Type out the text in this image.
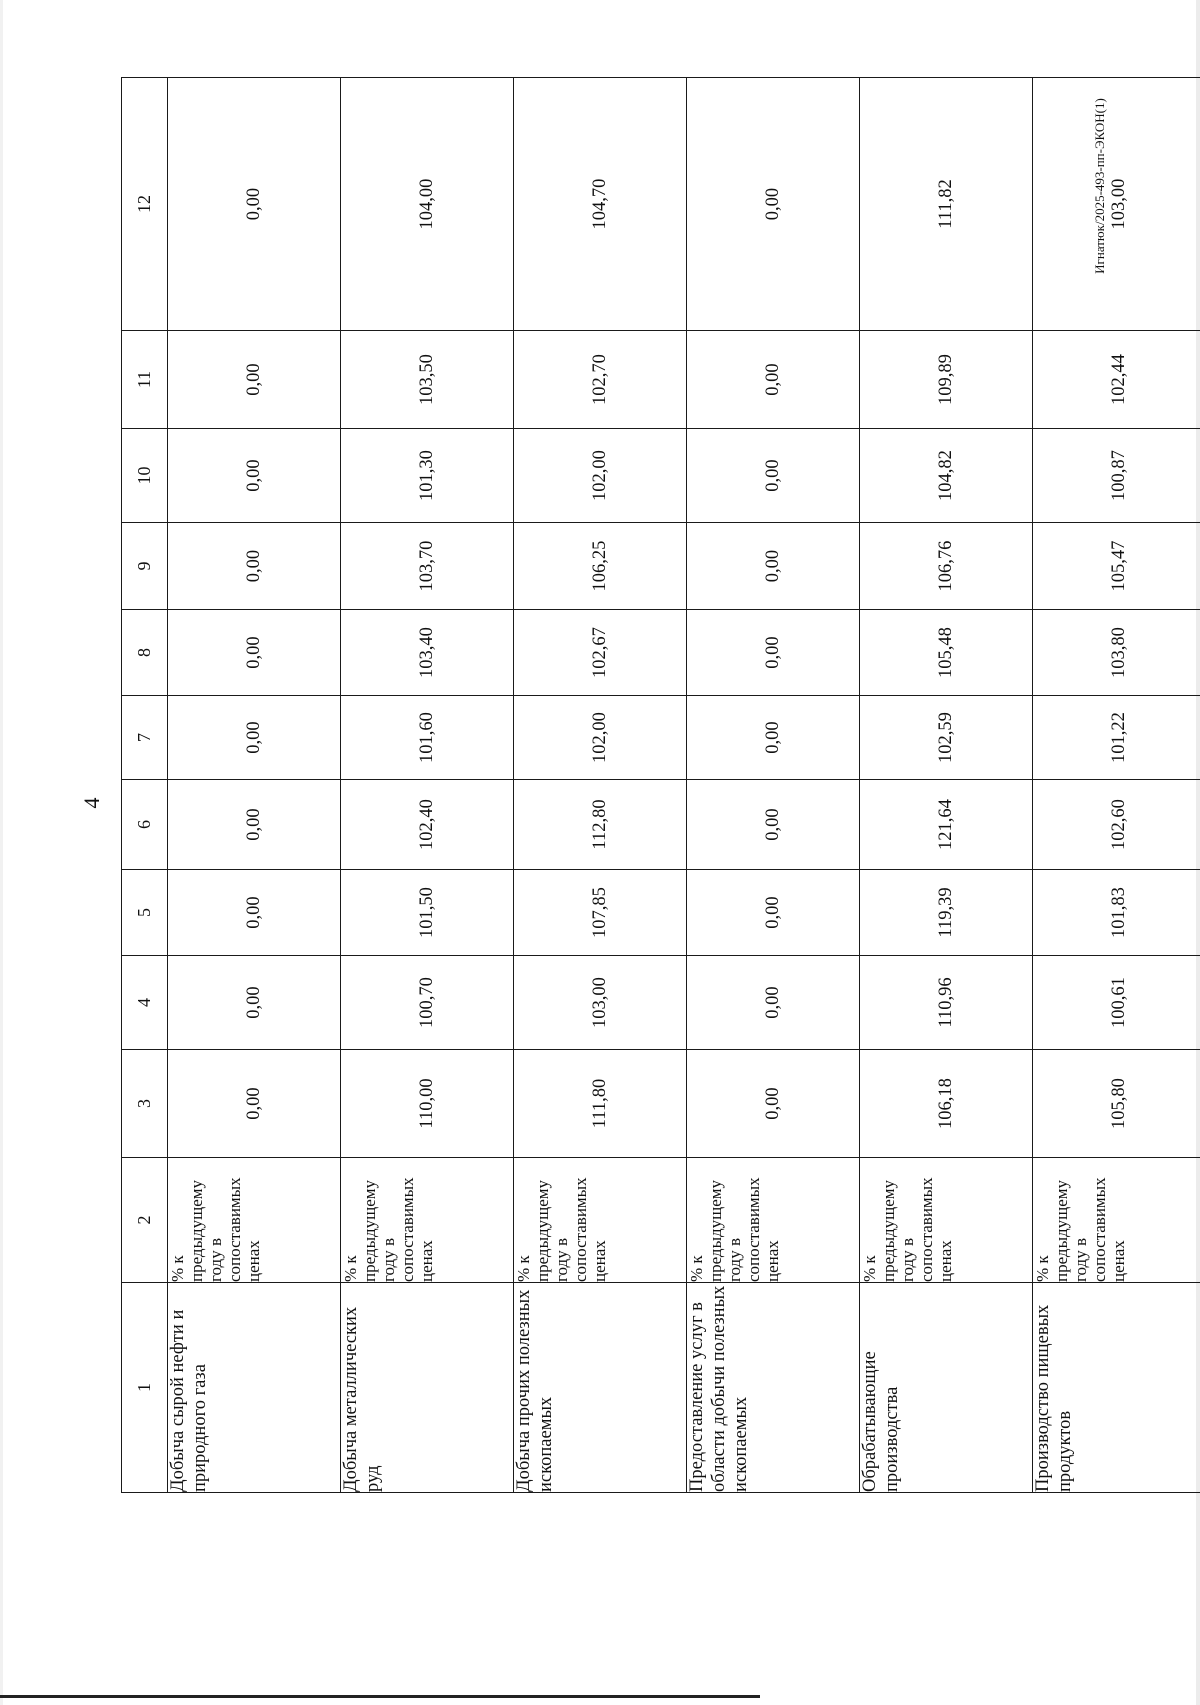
4
Игнатюк/2025-493-пп-ЭКОН(1)
1	2	3	4	5	6	7	8	9	10	11	12
Добыча сырой нефти и природного газа	% к предыдущему году в сопоставимых ценах	0,00	0,00	0,00	0,00	0,00	0,00	0,00	0,00	0,00	0,00
Добыча металлических руд	% к предыдущему году в сопоставимых ценах	110,00	100,70	101,50	102,40	101,60	103,40	103,70	101,30	103,50	104,00
Добыча прочих полезных ископаемых	% к предыдущему году в сопоставимых ценах	111,80	103,00	107,85	112,80	102,00	102,67	106,25	102,00	102,70	104,70
Предоставление услуг в области добычи полезных ископаемых	% к предыдущему году в сопоставимых ценах	0,00	0,00	0,00	0,00	0,00	0,00	0,00	0,00	0,00	0,00
Обрабатывающие производства	% к предыдущему году в сопоставимых ценах	106,18	110,96	119,39	121,64	102,59	105,48	106,76	104,82	109,89	111,82
Производство пищевых продуктов	% к предыдущему году в сопоставимых ценах	105,80	100,61	101,83	102,60	101,22	103,80	105,47	100,87	102,44	103,00
